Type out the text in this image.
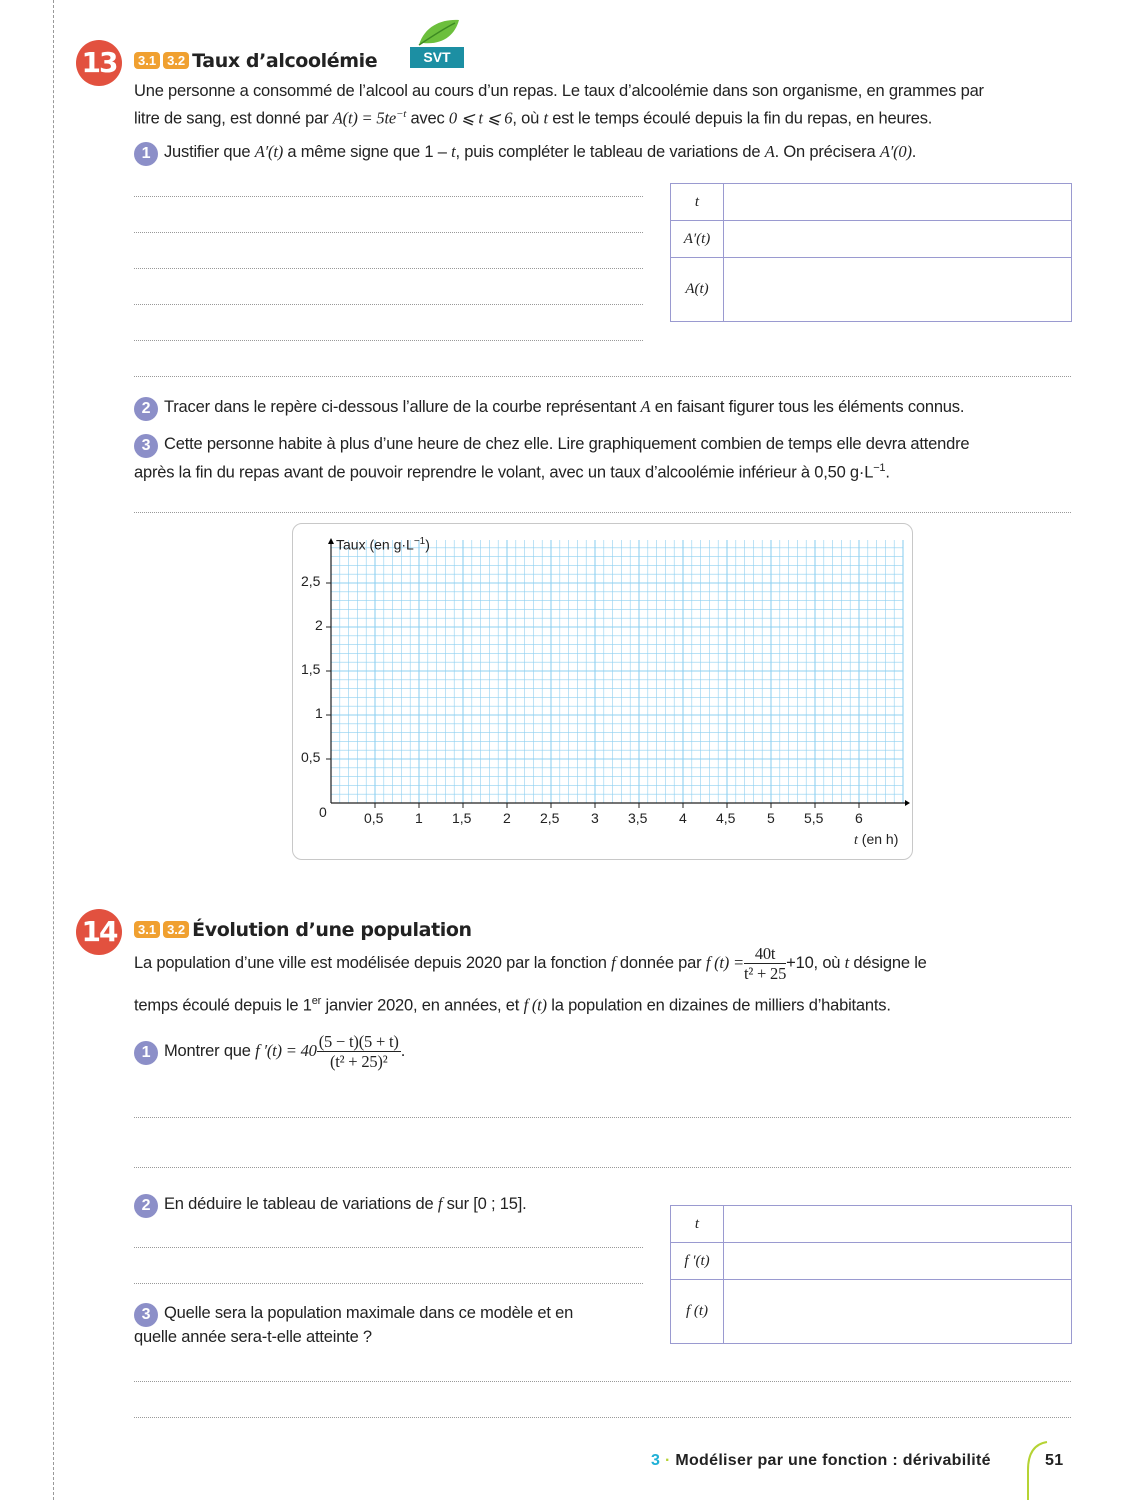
13	3.1 3.2 Taux d’alcoolémie	SVT
Une personne a consommé de l’alcool au cours d’un repas. Le taux d’alcoolémie dans son organisme, en grammes par
litre de sang, est donné par $A(t) = 5te^{-t}$ avec 0 ⩽ t ⩽ 6, où t est le temps écoulé depuis la fin du repas, en heures.
1 Justifier que A′(t) a même signe que 1 – t, puis compléter le tableau de variations de A. On précisera A′(0).
t	
A′(t)	
A(t)	
2 Tracer dans le repère ci-dessous l’allure de la courbe représentant A en faisant figurer tous les éléments connus.
3 Cette personne habite à plus d’une heure de chez elle. Lire graphiquement combien de temps elle devra attendre
après la fin du repas avant de pouvoir reprendre le volant, avec un taux d’alcoolémie inférieur à 0,50 $g\cdot L^{-1}$.
Taux (en $g\cdot L^{-1}$)
t (en h)
0	0,5 1 1,5 2 2,5 3 3,5 4 4,5 5 5,5 6
0,5
1
1,5
2
2,5
14	3.1 3.2 Évolution d’une population
La population d’une ville est modélisée depuis 2020 par la fonction f donnée par f $(t) = \frac{40t}{\text{t² + 25}} +10$, où t désigne le
temps écoulé depuis le 1er janvier 2020, en années, et f (t) la population en dizaines de milliers d’habitants.
1 Montrer que f $'(t) = 40 \frac{(5 - t)(5 + t)}{\text{(t² + 25)²}}$ .
2 En déduire le tableau de variations de f sur [0 ; 15].
3 Quelle sera la population maximale dans ce modèle et en
quelle année sera-t-elle atteinte ?
t	
f ′(t)	
f (t)	
3 · Modéliser par une fonction : dérivabilité	51
